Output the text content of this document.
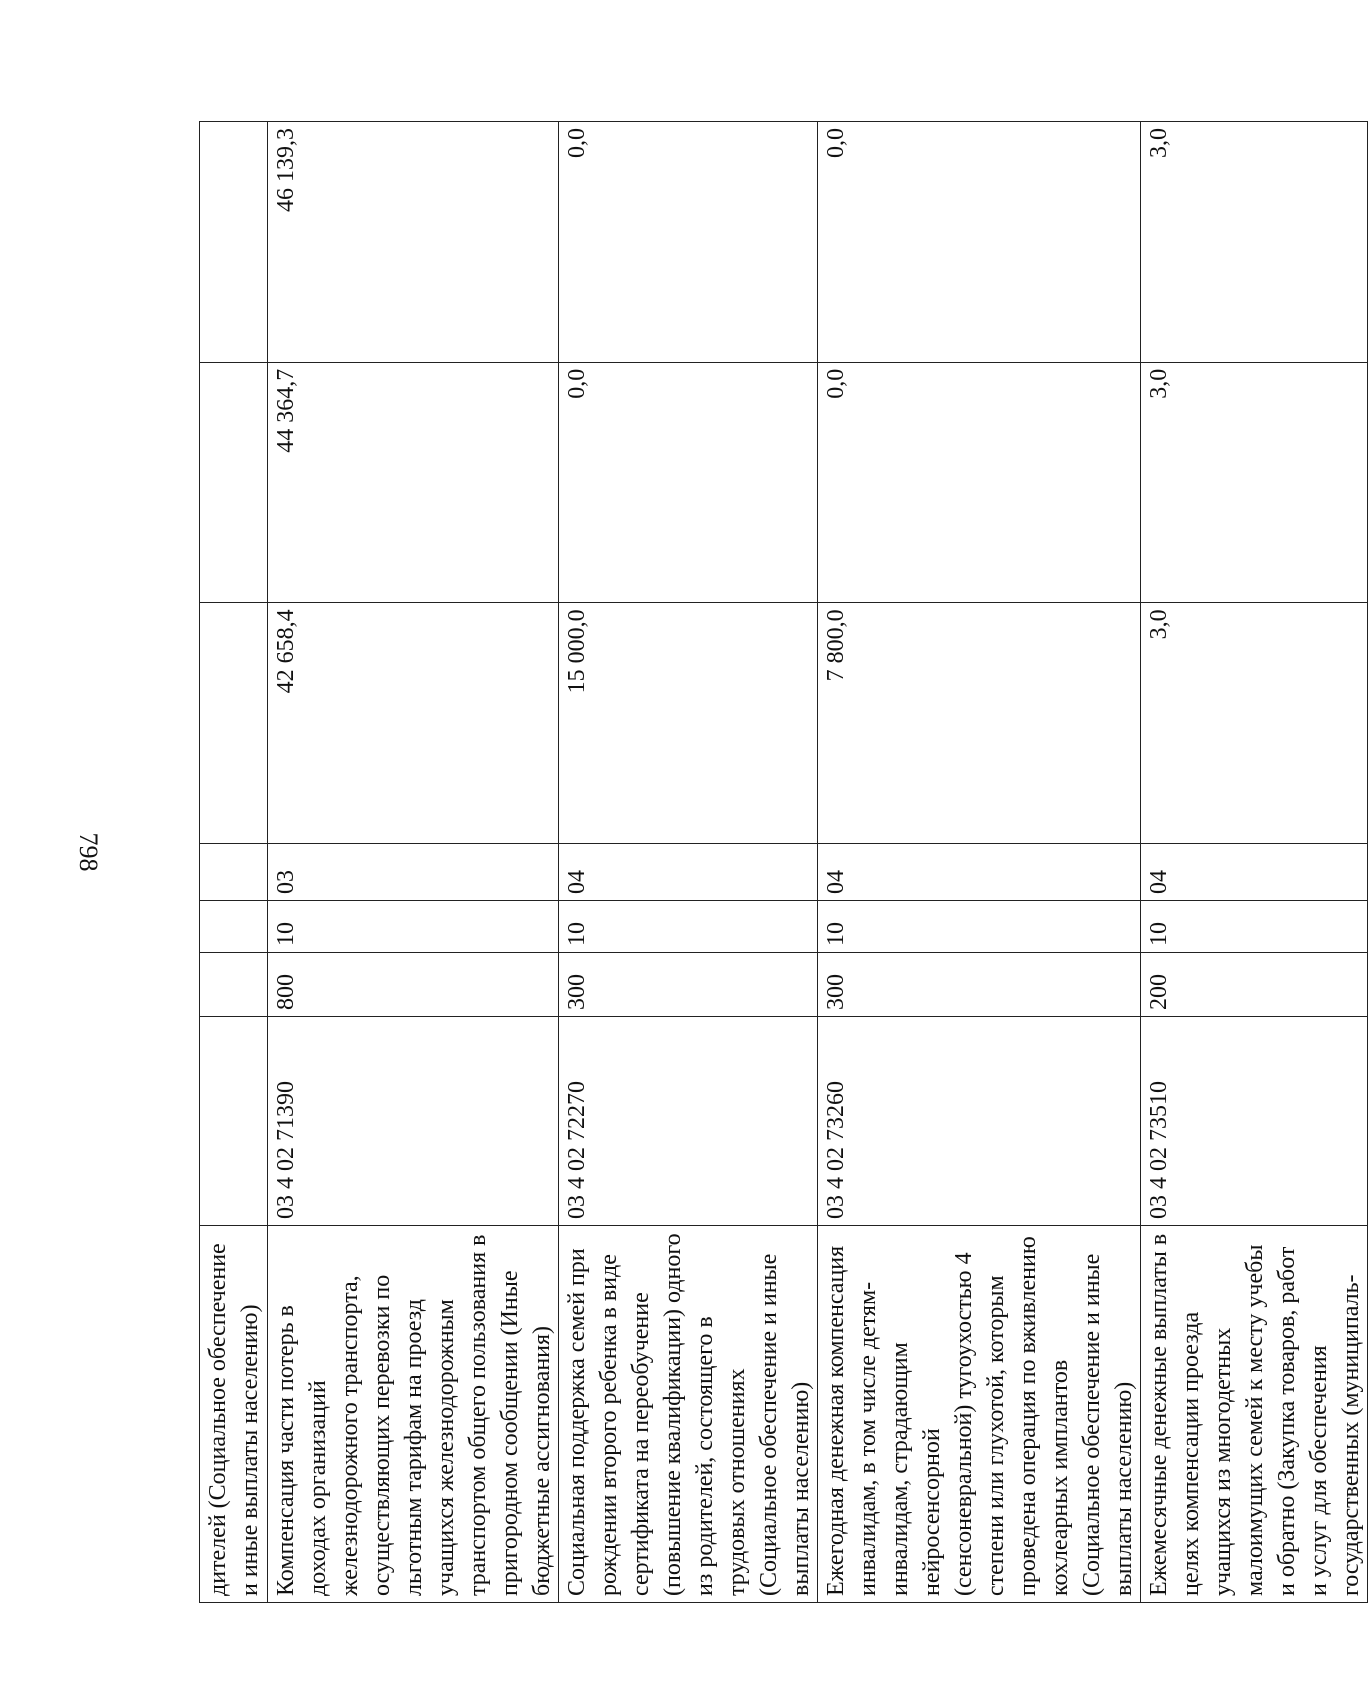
798
дителей (Социальное обеспечение и иные выплаты населению)							
Компенсация части потерь в доходах организаций железнодорожного транспорта, осуществляющих перевозки по льготным тарифам на проезд учащихся железнодорожным транспортом общего пользования в пригородном сообщении (Иные бюджетные ассигнования)	03 4 02 71390	800	10	03	42 658,4	44 364,7	46 139,3
Социальная поддержка семей при рождении второго ребенка в виде сертификата на переобучение (повышение квалификации) одного из родителей, состоящего в трудовых отношениях (Социальное обеспечение и иные выплаты населению)	03 4 02 72270	300	10	04	15 000,0	0,0	0,0
Ежегодная денежная компенсация инвалидам, в том числе детям-инвалидам, страдающим нейросенсорной (сенсоневральной) тугоухостью 4 степени или глухотой, которым проведена операция по вживлению кохлеарных имплантов (Социальное обеспечение и иные выплаты населению)	03 4 02 73260	300	10	04	7 800,0	0,0	0,0
Ежемесячные денежные выплаты в целях компенсации проезда учащихся из многодетных малоимущих семей к месту учебы и обратно (Закупка товаров, работ и услуг для обеспечения государственных (муниципаль-	03 4 02 73510	200	10	04	3,0	3,0	3,0
